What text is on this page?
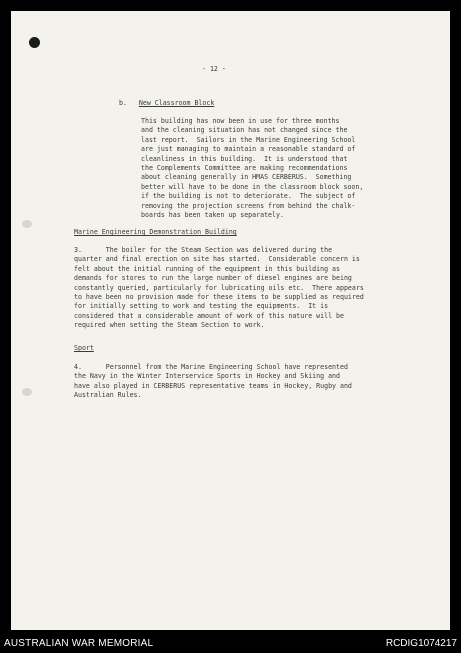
- 12 -
b. New Classroom Block
This building has now been in use for three months
and the cleaning situation has not changed since the
last report.  Sailors in the Marine Engineering School
are just managing to maintain a reasonable standard of
cleanliness in this building.  It is understood that
the Complements Committee are making recommendations
about cleaning generally in HMAS CERBERUS.  Something
better will have to be done in the classroom block soon,
if the building is not to deteriorate.  The subject of
removing the projection screens from behind the chalk-
boards has been taken up separately.
Marine Engineering Demonstration Building
3.      The boiler for the Steam Section was delivered during the
quarter and final erection on site has started.  Considerable concern is
felt about the initial running of the equipment in this building as
demands for stores to run the large number of diesel engines are being
constantly queried, particularly for lubricating oils etc.  There appears
to have been no provision made for these items to be supplied as required
for initially setting to work and testing the equipments.  It is
considered that a considerable amount of work of this nature will be
required when setting the Steam Section to work.
Sport
4.      Personnel from the Marine Engineering School have represented
the Navy in the Winter Interservice Sports in Hockey and Skiing and
have also played in CERBERUS representative teams in Hockey, Rugby and
Australian Rules.
AUSTRALIAN WAR MEMORIAL	RCDIG1074217
